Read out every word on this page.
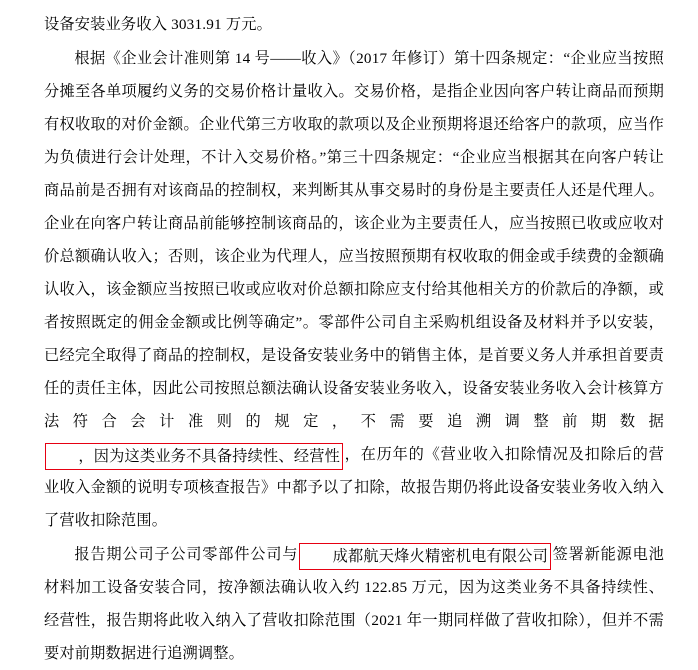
设备安装业务收入 3031.91 万元。

根据《企业会计准则第 14 号——收入》（2017 年修订）第十四条规定：“企业应当按照分摊至各单项履约义务的交易价格计量收入。交易价格，是指企业因向客户转让商品而预期有权收取的对价金额。企业代第三方收取的款项以及企业预期将退还给客户的款项，应当作为负债进行会计处理，不计入交易价格。”第三十四条规定：“企业应当根据其在向客户转让商品前是否拥有对该商品的控制权，来判断其从事交易时的身份是主要责任人还是代理人。企业在向客户转让商品前能够控制该商品的，该企业为主要责任人，应当按照已收或应收对价总额确认收入；否则，该企业为代理人，应当按照预期有权收取的佣金或手续费的金额确认收入，该金额应当按照已收或应收对价总额扣除应支付给其他相关方的价款后的净额，或者按照既定的佣金金额或比例等确定”。零部件公司自主采购机组设备及材料并予以安装，已经完全取得了商品的控制权，是设备安装业务中的销售主体，是首要义务人并承担首要责任的责任主体，因此公司按照总额法确认设备安装业务收入，设备安装业务收入会计核算方法符合会计准则的规定，不需要追溯调整前期数据，因为这类业务不具备持续性、经营性 ，在历年的《营业收入扣除情况及扣除后的营业收入金额的说明专项核查报告》中都予以了扣除，故报告期仍将此设备安装业务收入纳入了营收扣除范围。

报告期公司子公司零部件公司与 成都航天烽火精密机电有限公司 签署新能源电池材料加工设备安装合同，按净额法确认收入约 122.85 万元，因为这类业务不具备持续性、经营性，报告期将此收入纳入了营收扣除范围（2021 年一期同样做了营收扣除），但并不需要对前期数据进行追溯调整。
